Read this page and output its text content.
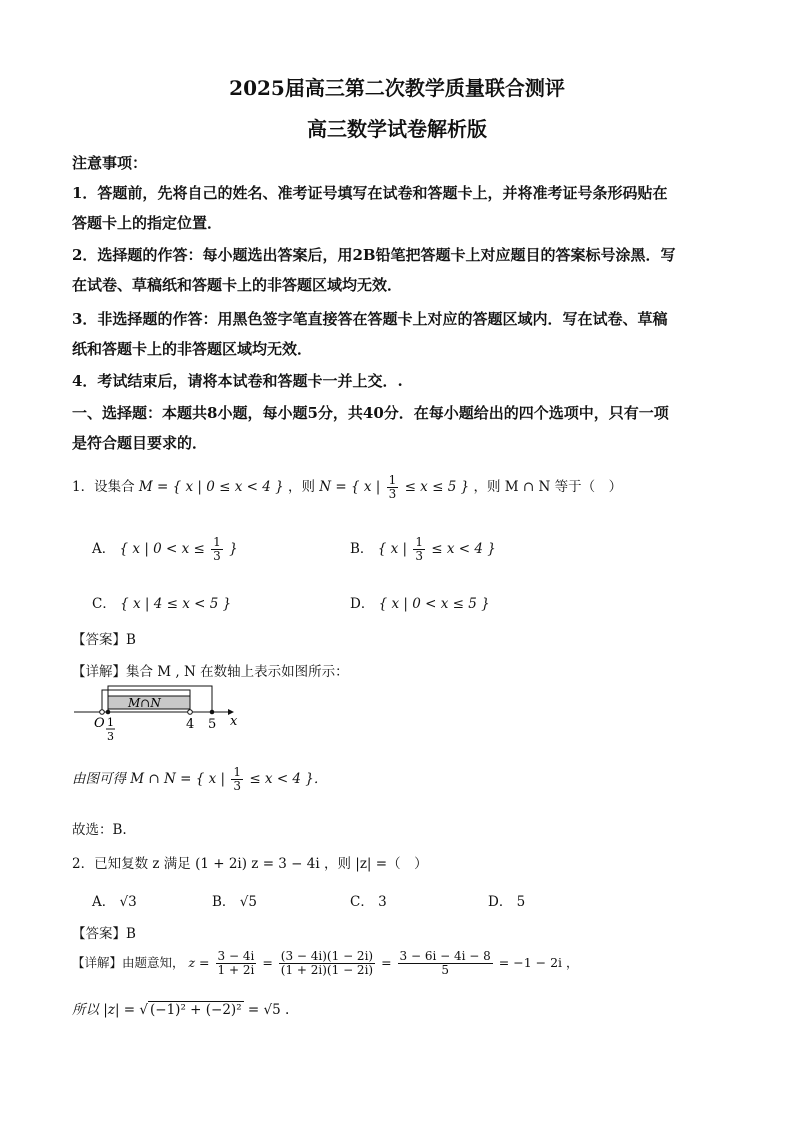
2025届高三第二次教学质量联合测评
高三数学试卷解析版
注意事项：
1．答题前，先将自己的姓名、准考证号填写在试卷和答题卡上，并将准考证号条形码贴在
答题卡上的指定位置．
2．选择题的作答：每小题选出答案后，用2B铅笔把答题卡上对应题目的答案标号涂黑．写
在试卷、草稿纸和答题卡上的非答题区域均无效．
3．非选择题的作答：用黑色签字笔直接答在答题卡上对应的答题区域内．写在试卷、草稿
纸和答题卡上的非答题区域均无效．
4．考试结束后，请将本试卷和答题卡一并上交．.
一、选择题：本题共8小题，每小题5分，共40分．在每小题给出的四个选项中，只有一项
是符合题目要求的．
1．设集合 M = { x | 0 ≤ x < 4 } ，则 N = { x | $\frac{1}{3} \le x \le 5$ } ，则 M ∩ N 等于（　）
A． { x | $0 < x \le \frac{1}{3}$ }	B． { x | $\frac{1}{3} \le x < 4$ }
C． { x | 4 ≤ x < 5 }	D． { x | 0 < x ≤ 5 }
【答案】B
【详解】集合 M , N 在数轴上表示如图所示：
M∩N
O 1
3
4 5 x
由图可得 M ∩ N = { x | $\frac{1}{3} \le x < 4$ }．
故选：B.
2．已知复数 z 满足 (1 + 2i) z = 3 − 4i ，则 |z| =（　）
A． √3	B． √5	C． 3	D． 5
【答案】B
【详解】由题意知， $z = \frac{3 - 4i}{1 + 2i} = \frac{(3 - 4i)(1 - 2i)}{(1 + 2i)(1 - 2i)} = \frac{3 - 6i - 4i - 8}{5} = -1 - 2i$ ，
所以 |z| = √ (−1)² + (−2)² = √5 .
